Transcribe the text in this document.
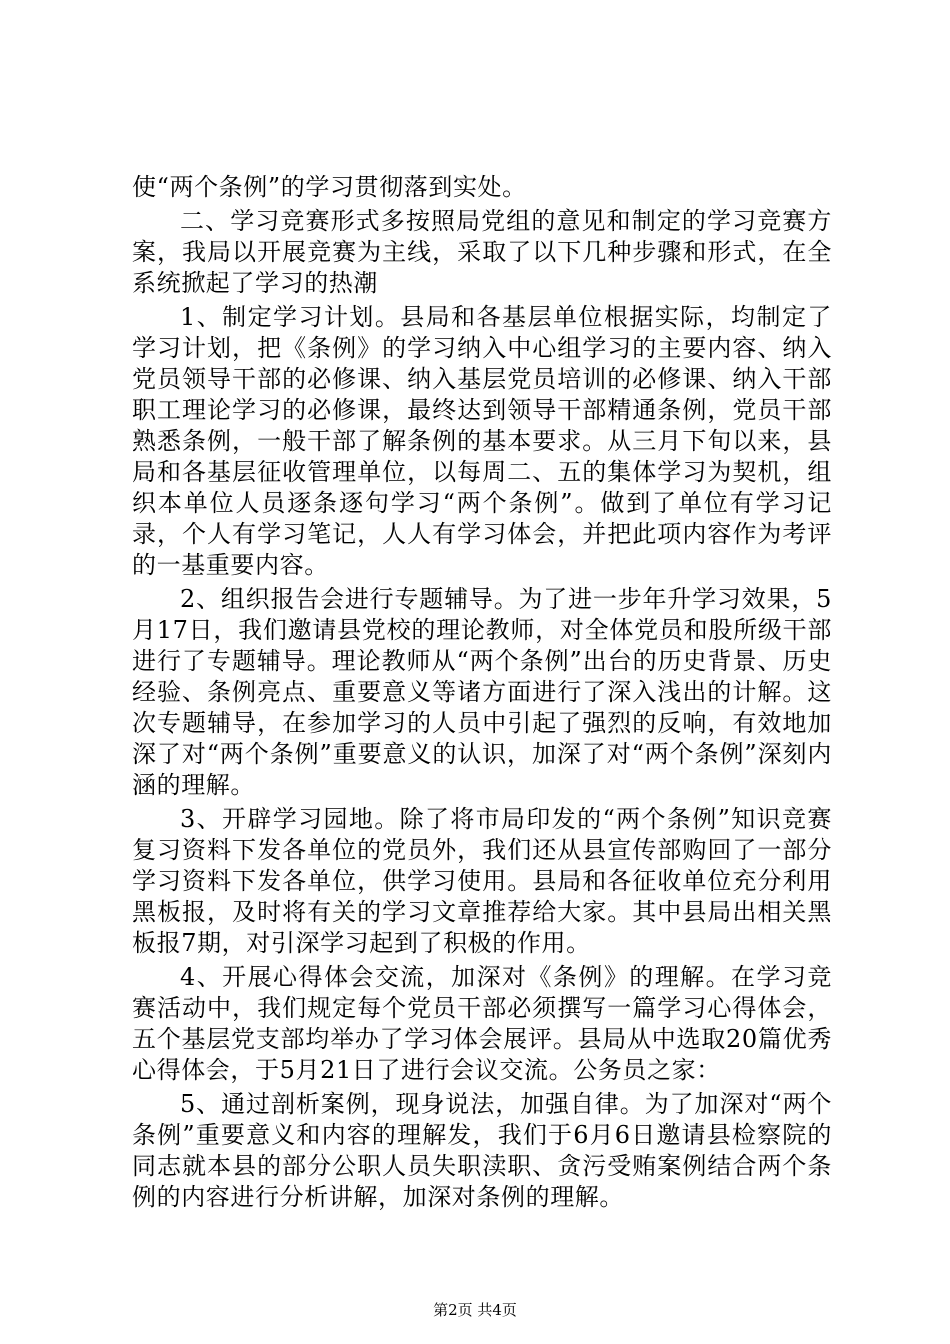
使“两个条例”的学习贯彻落到实处。

二、学习竞赛形式多按照局党组的意见和制定的学习竞赛方案，我局以开展竞赛为主线，采取了以下几种步骤和形式，在全系统掀起了学习的热潮

1、制定学习计划。县局和各基层单位根据实际，均制定了学习计划，把《条例》的学习纳入中心组学习的主要内容、纳入党员领导干部的必修课、纳入基层党员培训的必修课、纳入干部职工理论学习的必修课，最终达到领导干部精通条例，党员干部熟悉条例，一般干部了解条例的基本要求。从三月下旬以来，县局和各基层征收管理单位，以每周二、五的集体学习为契机，组织本单位人员逐条逐句学习“两个条例”。做到了单位有学习记录，个人有学习笔记，人人有学习体会，并把此项内容作为考评的一基重要内容。

2、组织报告会进行专题辅导。为了进一步年升学习效果，5月17日，我们邀请县党校的理论教师，对全体党员和股所级干部进行了专题辅导。理论教师从“两个条例”出台的历史背景、历史经验、条例亮点、重要意义等诸方面进行了深入浅出的计解。这次专题辅导，在参加学习的人员中引起了强烈的反响，有效地加深了对“两个条例”重要意义的认识，加深了对“两个条例”深刻内涵的理解。

3、开辟学习园地。除了将市局印发的“两个条例”知识竞赛复习资料下发各单位的党员外，我们还从县宣传部购回了一部分学习资料下发各单位，供学习使用。县局和各征收单位充分利用黑板报，及时将有关的学习文章推荐给大家。其中县局出相关黑板报7期，对引深学习起到了积极的作用。

4、开展心得体会交流，加深对《条例》的理解。在学习竞赛活动中，我们规定每个党员干部必须撰写一篇学习心得体会，五个基层党支部均举办了学习体会展评。县局从中选取20篇优秀心得体会，于5月21日了进行会议交流。公务员之家：

5、通过剖析案例，现身说法，加强自律。为了加深对“两个条例”重要意义和内容的理解发，我们于6月6日邀请县检察院的同志就本县的部分公职人员失职渎职、贪污受贿案例结合两个条例的内容进行分析讲解，加深对条例的理解。

第2页 共4页
